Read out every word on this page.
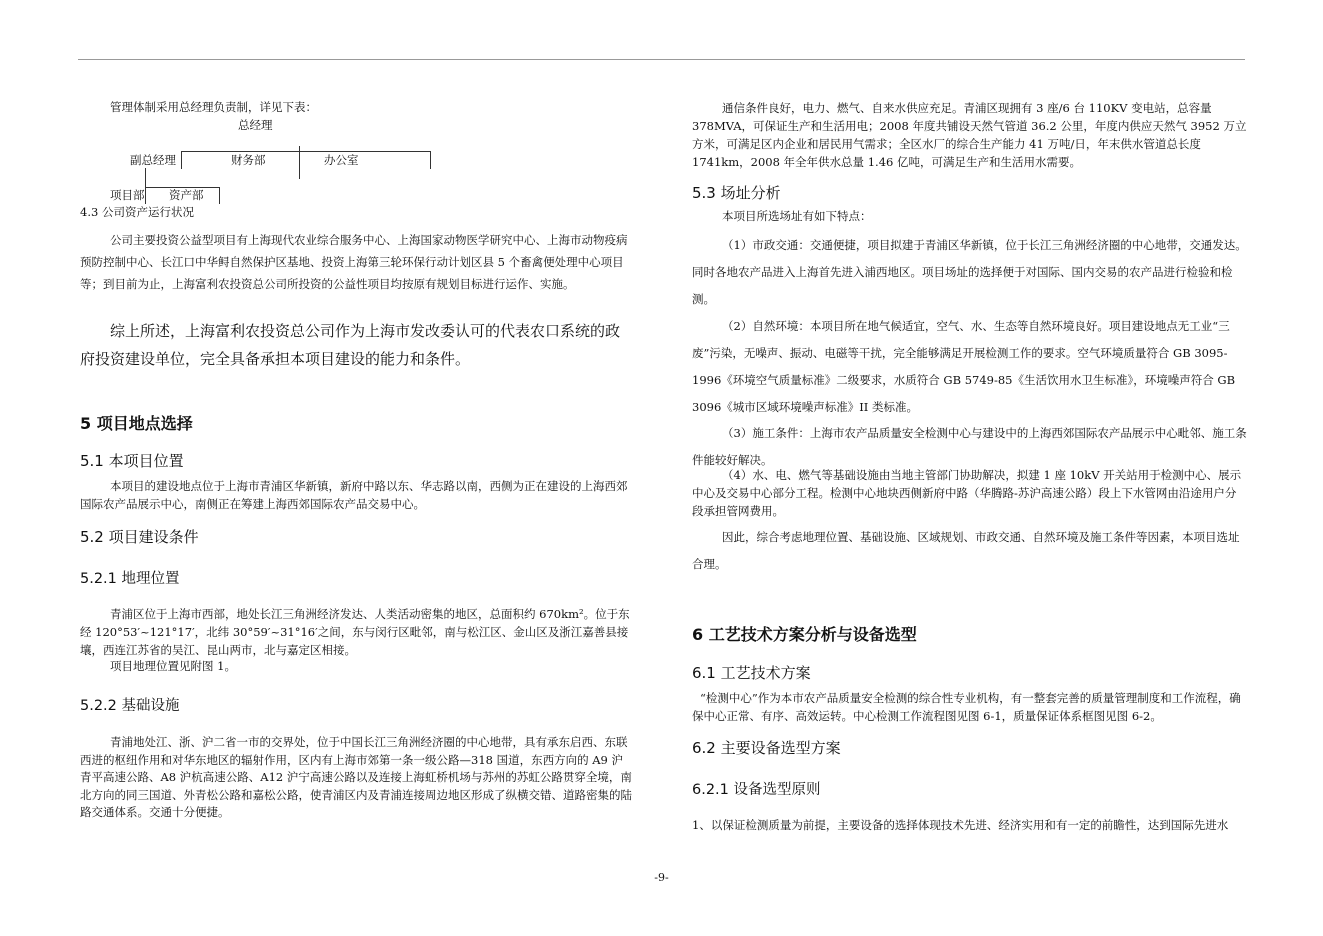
管理体制采用总经理负责制，详见下表：
总经理
副总经理	财务部	办公室
项目部 资产部
4.3 公司资产运行状况
公司主要投资公益型项目有上海现代农业综合服务中心、上海国家动物医学研究中心、上海市动物疫病预防控制中心、长江口中华鲟自然保护区基地、投资上海第三轮环保行动计划区县 5 个畜禽便处理中心项目等；到目前为止，上海富利农投资总公司所投资的公益性项目均按原有规划目标进行运作、实施。
综上所述，上海富利农投资总公司作为上海市发改委认可的代表农口系统的政府投资建设单位，完全具备承担本项目建设的能力和条件。
5 项目地点选择
5.1 本项目位置
本项目的建设地点位于上海市青浦区华新镇，新府中路以东、华志路以南，西侧为正在建设的上海西郊国际农产品展示中心，南侧正在筹建上海西郊国际农产品交易中心。
5.2 项目建设条件
5.2.1 地理位置
青浦区位于上海市西部，地处长江三角洲经济发达、人类活动密集的地区，总面积约 670km²。位于东经 120°53′~121°17′，北纬 30°59′~31°16′之间，东与闵行区毗邻，南与松江区、金山区及浙江嘉善县接壤，西连江苏省的吴江、昆山两市，北与嘉定区相接。
项目地理位置见附图 1。
5.2.2 基础设施
青浦地处江、浙、沪二省一市的交界处，位于中国长江三角洲经济圈的中心地带，具有承东启西、东联西进的枢纽作用和对华东地区的辐射作用，区内有上海市郊第一条一级公路—318 国道，东西方向的 A9 沪青平高速公路、A8 沪杭高速公路、A12 沪宁高速公路以及连接上海虹桥机场与苏州的苏虹公路贯穿全境，南北方向的同三国道、外青松公路和嘉松公路，使青浦区内及青浦连接周边地区形成了纵横交错、道路密集的陆路交通体系。交通十分便捷。
通信条件良好，电力、燃气、自来水供应充足。青浦区现拥有 3 座/6 台 110KV 变电站，总容量 378MVA，可保证生产和生活用电；2008 年度共铺设天然气管道 36.2 公里，年度内供应天然气 3952 万立方米，可满足区内企业和居民用气需求；全区水厂的综合生产能力 41 万吨/日，年末供水管道总长度 1741km，2008 年全年供水总量 1.46 亿吨，可满足生产和生活用水需要。
5.3 场址分析
本项目所选场址有如下特点：
（1）市政交通：交通便捷，项目拟建于青浦区华新镇，位于长江三角洲经济圈的中心地带，交通发达。同时各地农产品进入上海首先进入浦西地区。项目场址的选择便于对国际、国内交易的农产品进行检验和检测。
（2）自然环境：本项目所在地气候适宜，空气、水、生态等自然环境良好。项目建设地点无工业“三废”污染，无噪声、振动、电磁等干扰，完全能够满足开展检测工作的要求。空气环境质量符合 GB 3095-1996《环境空气质量标准》二级要求，水质符合 GB 5749-85《生活饮用水卫生标准》，环境噪声符合 GB 3096《城市区域环境噪声标准》II 类标准。
（3）施工条件：上海市农产品质量安全检测中心与建设中的上海西郊国际农产品展示中心毗邻、施工条件能较好解决。
（4）水、电、燃气等基础设施由当地主管部门协助解决，拟建 1 座 10kV 开关站用于检测中心、展示中心及交易中心部分工程。检测中心地块西侧新府中路（华腾路-苏沪高速公路）段上下水管网由沿途用户分段承担管网费用。
因此，综合考虑地理位置、基础设施、区域规划、市政交通、自然环境及施工条件等因素，本项目选址合理。
6 工艺技术方案分析与设备选型
6.1 工艺技术方案
“检测中心”作为本市农产品质量安全检测的综合性专业机构，有一整套完善的质量管理制度和工作流程，确保中心正常、有序、高效运转。中心检测工作流程图见图 6-1，质量保证体系框图见图 6-2。
6.2 主要设备选型方案
6.2.1 设备选型原则
1、以保证检测质量为前提，主要设备的选择体现技术先进、经济实用和有一定的前瞻性，达到国际先进水
-9-
